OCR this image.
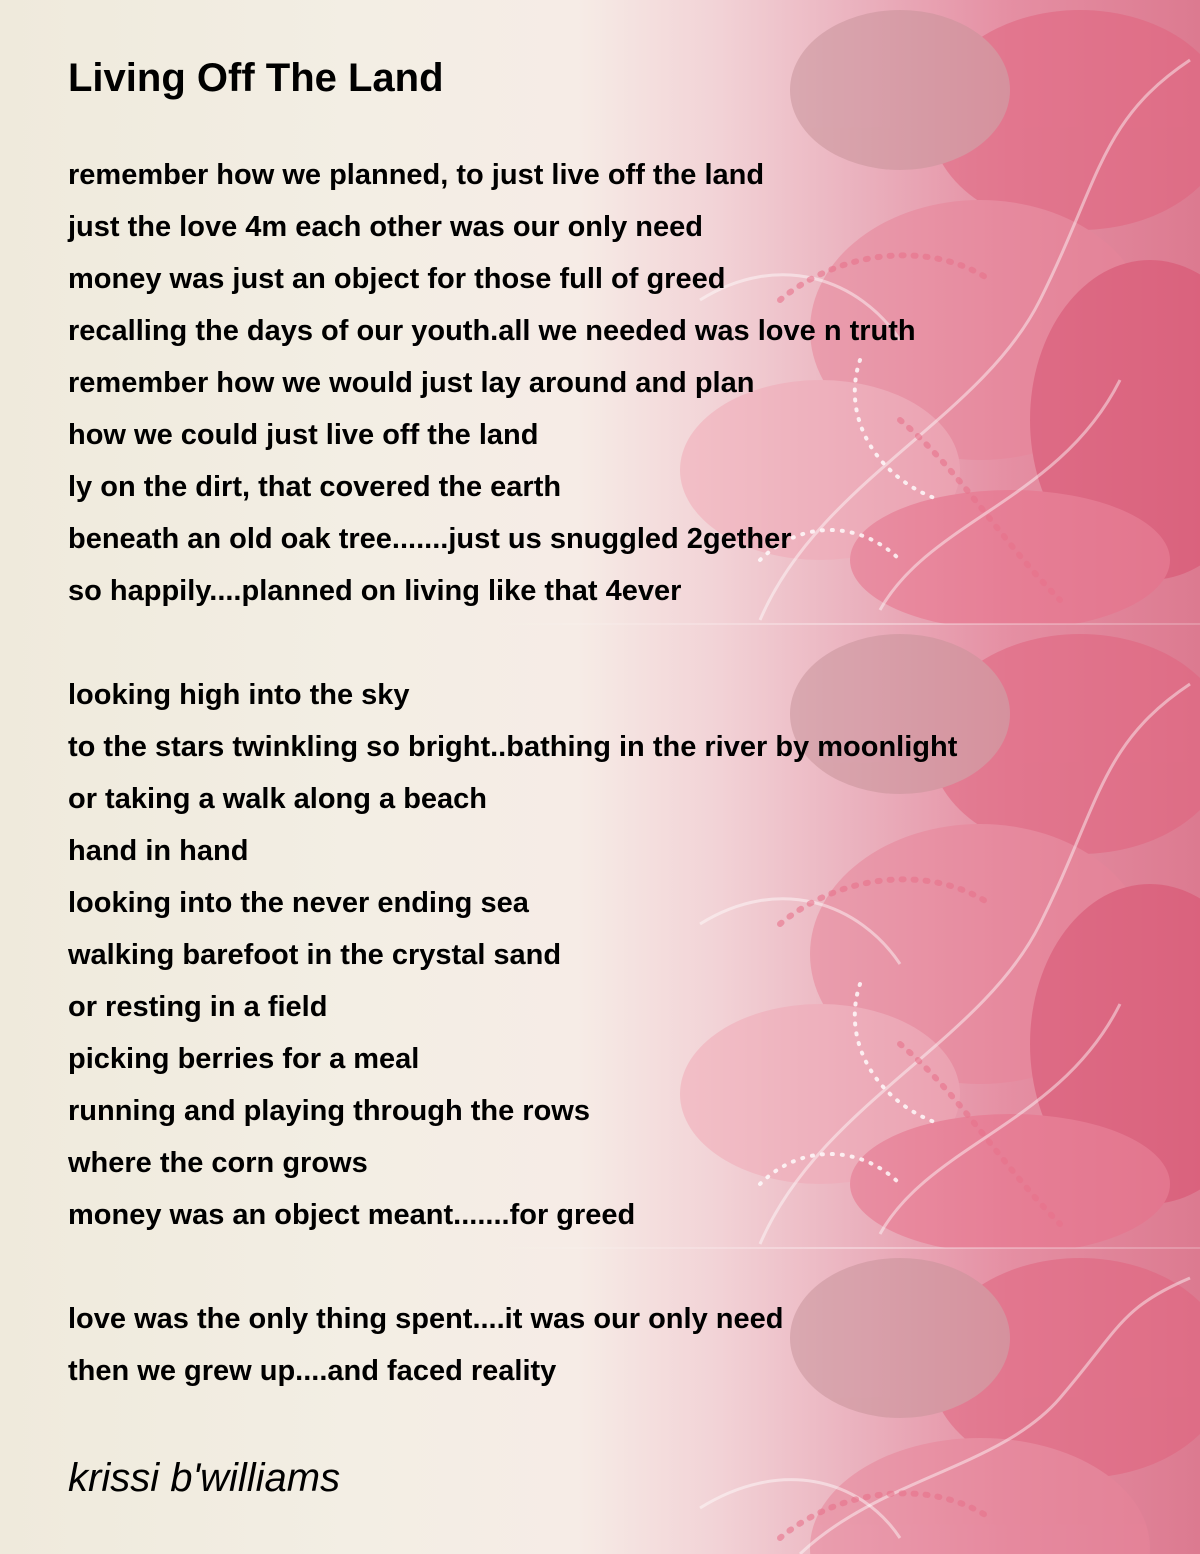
Living Off The Land
remember how we planned, to just live off the land
just the love 4m each other was our only need
money was just an object for those full of greed
recalling the days of our youth.all we needed was love n truth
remember how we would just lay around and plan
how we could just live off the land
ly on the dirt, that covered the earth
beneath an old oak tree.......just us snuggled 2gether
so happily....planned on living like that 4ever
looking high into the sky
to the stars twinkling so bright..bathing in the river by moonlight
or taking a walk along a beach
hand in hand
looking into the never ending sea
walking barefoot in the crystal sand
or resting in a field
picking berries for a meal
running and playing through the rows
where the corn grows
money was an object meant.......for greed
love was the only thing spent....it was our only need
then we grew up....and faced reality

krissi b'williams
